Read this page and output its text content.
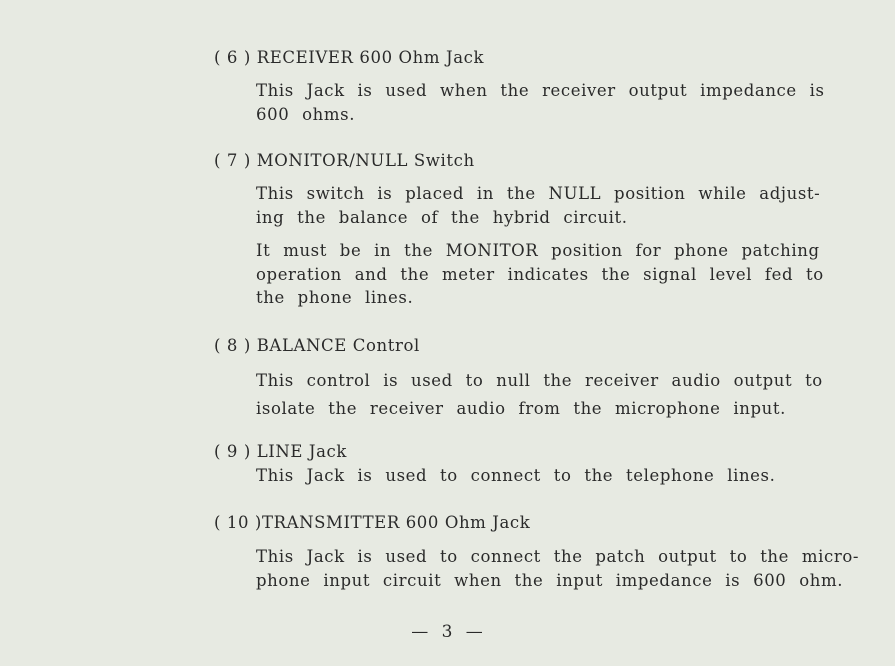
( 6 ) RECEIVER 600 Ohm Jack
This Jack is used when the receiver output impedance is
600 ohms.
( 7 ) MONITOR/NULL Switch
This switch is placed in the NULL position while adjust-
ing the balance of the hybrid circuit.
It must be in the MONITOR position for phone patching
operation and the meter indicates the signal level fed to
the phone lines.
( 8 ) BALANCE Control
This control is used to null the receiver audio output to
isolate the receiver audio from the microphone input.
( 9 ) LINE Jack
This Jack is used to connect to the telephone lines.
( 10 )TRANSMITTER 600 Ohm Jack
This Jack is used to connect the patch output to the micro-
phone input circuit when the input impedance is 600 ohm.
— 3 —
